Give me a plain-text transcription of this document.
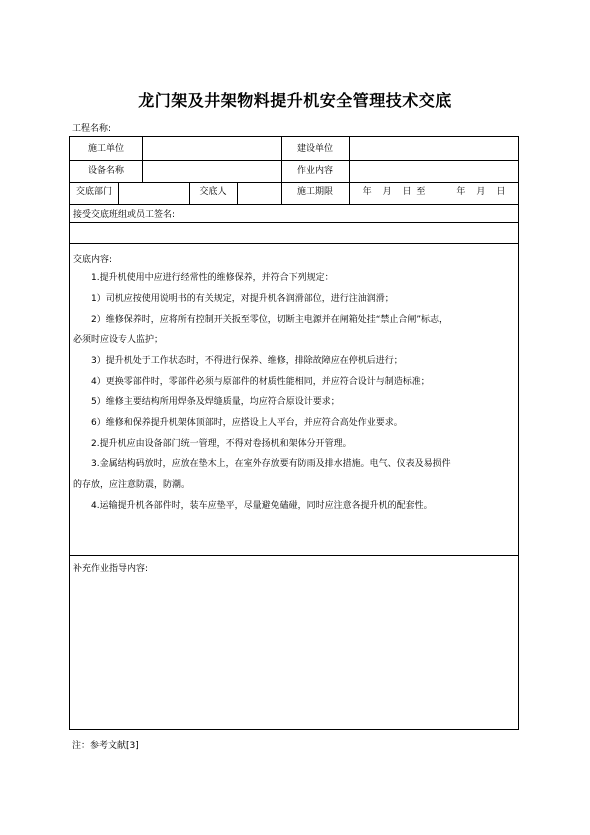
龙门架及井架物料提升机安全管理技术交底
工程名称:
施工单位	建设单位
设备名称	作业内容
交底部门	交底人	施工期限	年　月　日 至　　　年　月　日
接受交底班组或员工签名:
交底内容:
1.提升机使用中应进行经常性的维修保养，并符合下列规定：
1）司机应按使用说明书的有关规定，对提升机各润滑部位，进行注油润滑；
2）维修保养时，应将所有控制开关扳至零位，切断主电源并在闸箱处挂“禁止合闸”标志，
必须时应设专人监护；
3）提升机处于工作状态时，不得进行保养、维修，排除故障应在停机后进行；
4）更换零部件时，零部件必须与原部件的材质性能相同，并应符合设计与制造标准；
5）维修主要结构所用焊条及焊缝质量，均应符合原设计要求；
6）维修和保养提升机架体顶部时，应搭设上人平台，并应符合高处作业要求。
2.提升机应由设备部门统一管理，不得对卷扬机和架体分开管理。
3.金属结构码放时，应放在垫木上，在室外存放要有防雨及排水措施。电气、仪表及易损件
的存放，应注意防震，防潮。
4.运输提升机各部件时，装车应垫平，尽量避免磕碰，同时应注意各提升机的配套性。
补充作业指导内容:
注：参考文献[3]
